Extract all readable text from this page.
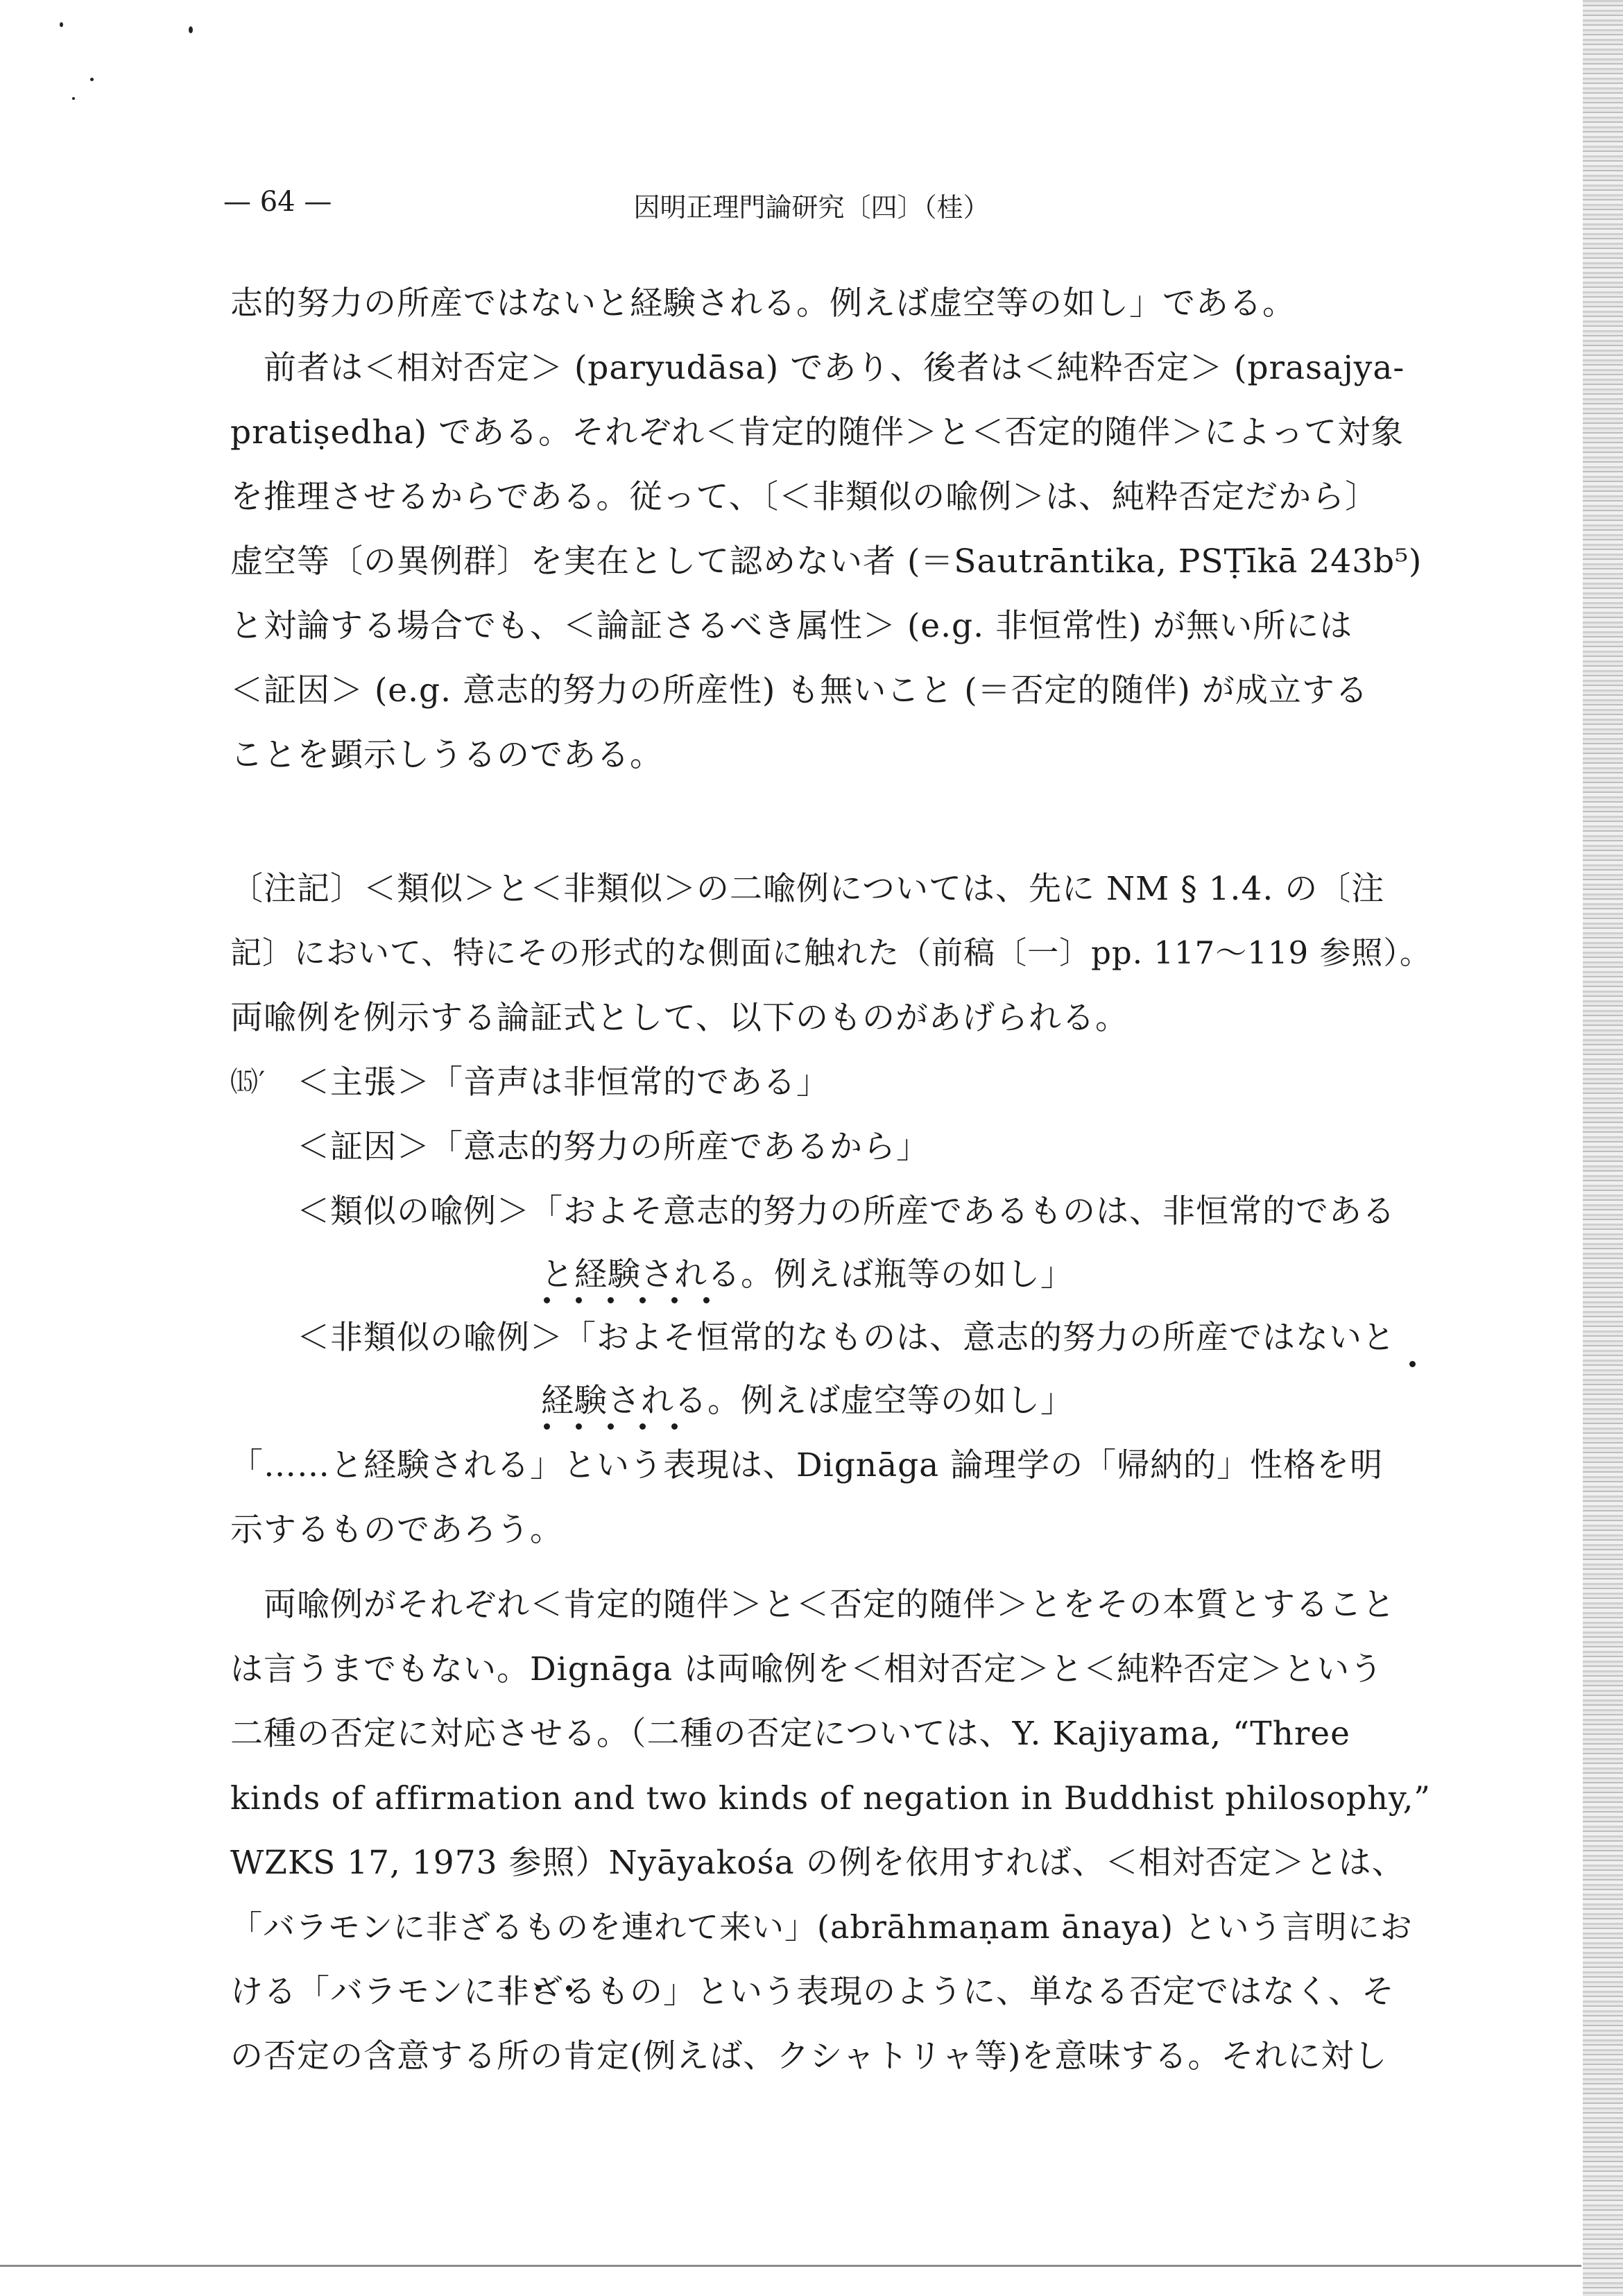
— 64 —	因明正理門論研究〔四〕（桂）
志的努力の所産ではないと経験される。例えば虚空等の如し」である。
前者は＜相対否定＞ (paryudāsa) であり、後者は＜純粋否定＞ (prasajya-
pratiṣedha) である。それぞれ＜肯定的随伴＞と＜否定的随伴＞によって対象
を推理させるからである。従って、〔＜非類似の喩例＞は、純粋否定だから〕
虚空等〔の異例群〕を実在として認めない者 (＝Sautrāntika, PSṬīkā 243b⁵)
と対論する場合でも、＜論証さるべき属性＞ (e.g. 非恒常性) が無い所には
＜証因＞ (e.g. 意志的努力の所産性) も無いこと (＝否定的随伴) が成立する
ことを顕示しうるのである。
〔注記〕＜類似＞と＜非類似＞の二喩例については、先に NM § 1.4. の〔注
記〕において、特にその形式的な側面に触れた（前稿〔一〕pp. 117～119 参照）。
両喩例を例示する論証式として、以下のものがあげられる。
⒂′ ＜主張＞「音声は非恒常的である」
＜証因＞「意志的努力の所産であるから」
＜類似の喩例＞「およそ意志的努力の所産であるものは、非恒常的である
と経験される。例えば瓶等の如し」
＜非類似の喩例＞「およそ恒常的なものは、意志的努力の所産ではないと
経験される。例えば虚空等の如し」
「……と経験される」という表現は、Dignāga 論理学の「帰納的」性格を明
示するものであろう。
両喩例がそれぞれ＜肯定的随伴＞と＜否定的随伴＞とをその本質とすること
は言うまでもない。Dignāga は両喩例を＜相対否定＞と＜純粋否定＞という
二種の否定に対応させる。（二種の否定については、Y. Kajiyama, “Three
kinds of affirmation and two kinds of negation in Buddhist philosophy,”
WZKS 17, 1973 参照）Nyāyakośa の例を依用すれば、＜相対否定＞とは、
「バラモンに非ざるものを連れて来い」(abrāhmaṇam ānaya) という言明にお
ける「バラモンに非ざるもの」という表現のように、単なる否定ではなく、そ
の否定の含意する所の肯定(例えば、クシャトリャ等)を意味する。それに対し
